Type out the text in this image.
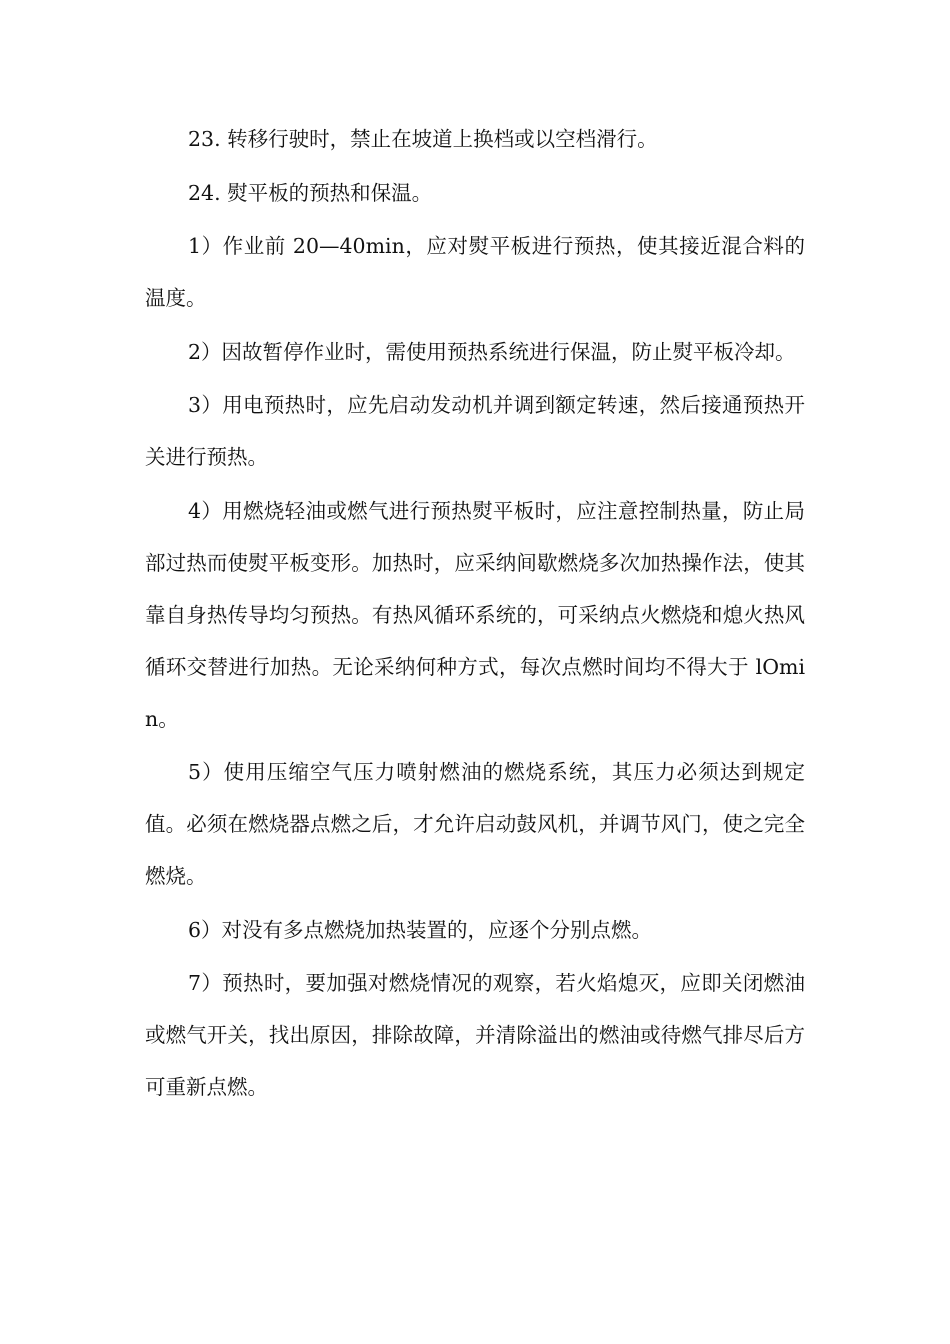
23. 转移行驶时，禁止在坡道上换档或以空档滑行。

24. 熨平板的预热和保温。

1）作业前 20—40min，应对熨平板进行预热，使其接近混合料的 温度。

2）因故暂停作业时，需使用预热系统进行保温，防止熨平板冷却。

3）用电预热时，应先启动发动机并调到额定转速，然后接通预热开关进行预热。

4）用燃烧轻油或燃气进行预热熨平板时，应注意控制热量，防止局部过热而使熨平板变形。加热时，应采纳间歇燃烧多次加热操作法，使其靠自身热传导均匀预热。有热风循环系统的，可采纳点火燃烧和熄火热风循环交替进行加热。无论采纳何种方式，每次点燃时间均不得大于 lOmin。

5）使用压缩空气压力喷射燃油的燃烧系统，其压力必须达到规定值。必须在燃烧器点燃之后，才允许启动鼓风机，并调节风门，使之完全燃烧。

6）对没有多点燃烧加热装置的，应逐个分别点燃。

7）预热时，要加强对燃烧情况的观察，若火焰熄灭，应即关闭燃油或燃气开关，找出原因，排除故障，并清除溢出的燃油或待燃气排尽后方可重新点燃。
